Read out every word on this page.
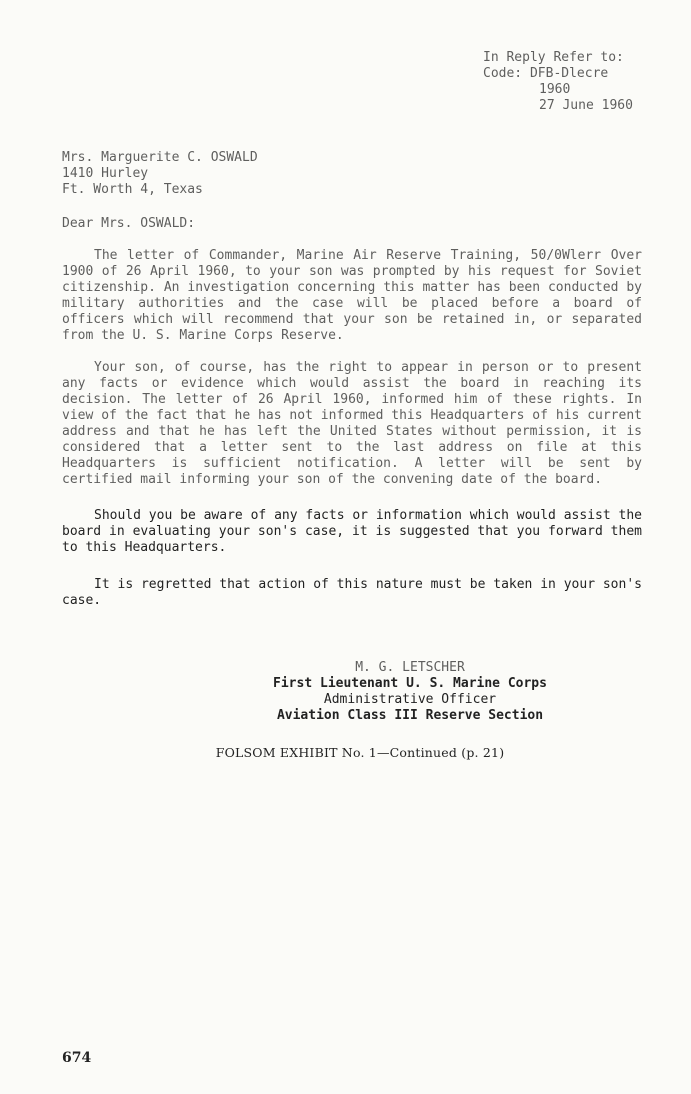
In Reply Refer to:
Code: DFB-Dlecre
1960
27 June 1960
Mrs. Marguerite C. OSWALD
1410 Hurley
Ft. Worth 4, Texas
Dear Mrs. OSWALD:
The letter of Commander, Marine Air Reserve Training, 50/0Wlerr Over 1900 of 26 April 1960, to your son was prompted by his request for Soviet citizenship. An investigation concerning this matter has been conducted by military authorities and the case will be placed before a board of officers which will recommend that your son be retained in, or separated from the U. S. Marine Corps Reserve.
Your son, of course, has the right to appear in person or to present any facts or evidence which would assist the board in reaching its decision. The letter of 26 April 1960, informed him of these rights. In view of the fact that he has not informed this Headquarters of his current address and that he has left the United States without permission, it is considered that a letter sent to the last address on file at this Headquarters is sufficient notification. A letter will be sent by certified mail informing your son of the convening date of the board.
Should you be aware of any facts or information which would assist the board in evaluating your son's case, it is suggested that you forward them to this Headquarters.
It is regretted that action of this nature must be taken in your son's case.
M. G. LETSCHER
First Lieutenant U. S. Marine Corps
Administrative Officer
Aviation Class III Reserve Section
FOLSOM EXHIBIT No. 1—Continued (p. 21)
674
